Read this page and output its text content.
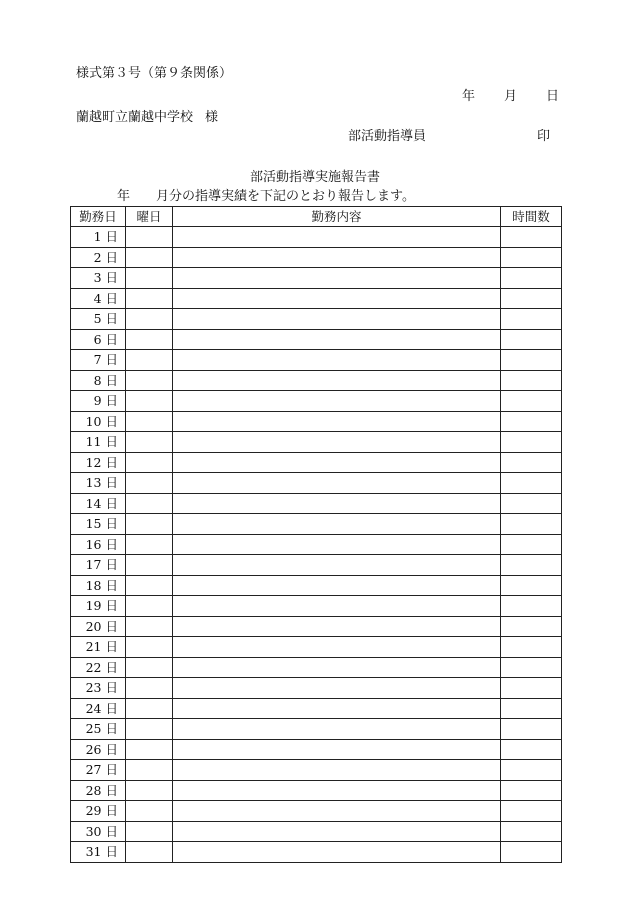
様式第３号（第９条関係）
年 月 日
蘭越町立蘭越中学校 様
部活動指導員	印
部活動指導実施報告書
年 月分の指導実績を下記のとおり報告します。
勤務日	曜日	勤務内容	時間数
1 日			
2 日			
3 日			
4 日			
5 日			
6 日			
7 日			
8 日			
9 日			
10 日			
11 日			
12 日			
13 日			
14 日			
15 日			
16 日			
17 日			
18 日			
19 日			
20 日			
21 日			
22 日			
23 日			
24 日			
25 日			
26 日			
27 日			
28 日			
29 日			
30 日			
31 日			
